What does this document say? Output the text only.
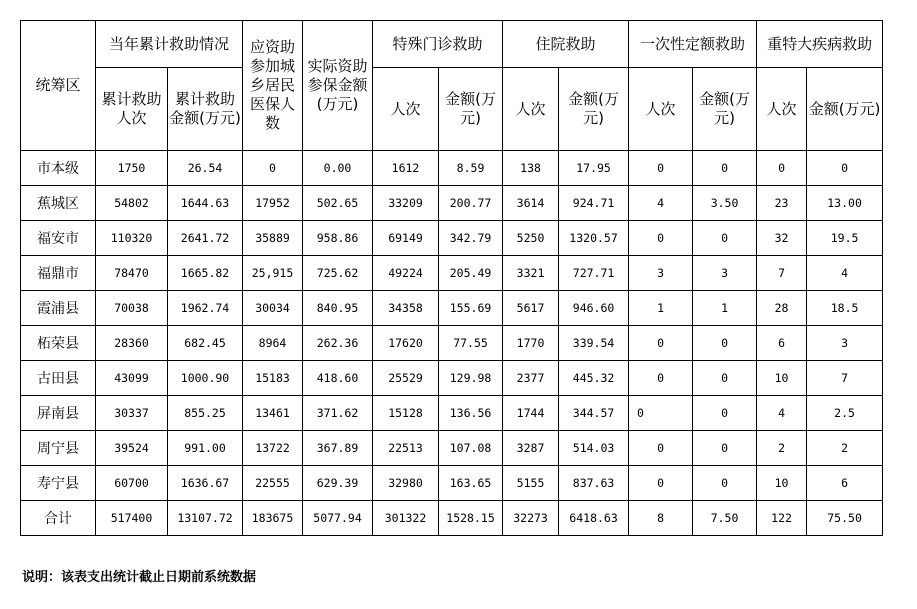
统筹区	当年累计救助情况		应资助参加城乡居民医保人数	实际资助参保金额(万元)	特殊门诊救助		住院救助		一次性定额救助		重特大疾病救助	
	累计救助人次	累计救助金额(万元)			人次	金额(万元)	人次	金额(万元)	人次	金额(万元)	人次	金额(万元)
市本级	1750	26.54	0	0.00	1612	8.59	138	17.95	0	0	0	0
蕉城区	54802	1644.63	17952	502.65	33209	200.77	3614	924.71	4	3.50	23	13.00
福安市	110320	2641.72	35889	958.86	69149	342.79	5250	1320.57	0	0	32	19.5
福鼎市	78470	1665.82	25,915	725.62	49224	205.49	3321	727.71	3	3	7	4
霞浦县	70038	1962.74	30034	840.95	34358	155.69	5617	946.60	1	1	28	18.5
柘荣县	28360	682.45	8964	262.36	17620	77.55	1770	339.54	0	0	6	3
古田县	43099	1000.90	15183	418.60	25529	129.98	2377	445.32	0	0	10	7
屏南县	30337	855.25	13461	371.62	15128	136.56	1744	344.57	0	0	4	2.5
周宁县	39524	991.00	13722	367.89	22513	107.08	3287	514.03	0	0	2	2
寿宁县	60700	1636.67	22555	629.39	32980	163.65	5155	837.63	0	0	10	6
合计	517400	13107.72	183675	5077.94	301322	1528.15	32273	6418.63	8	7.50	122	75.50
说明：该表支出统计截止日期前系统数据
